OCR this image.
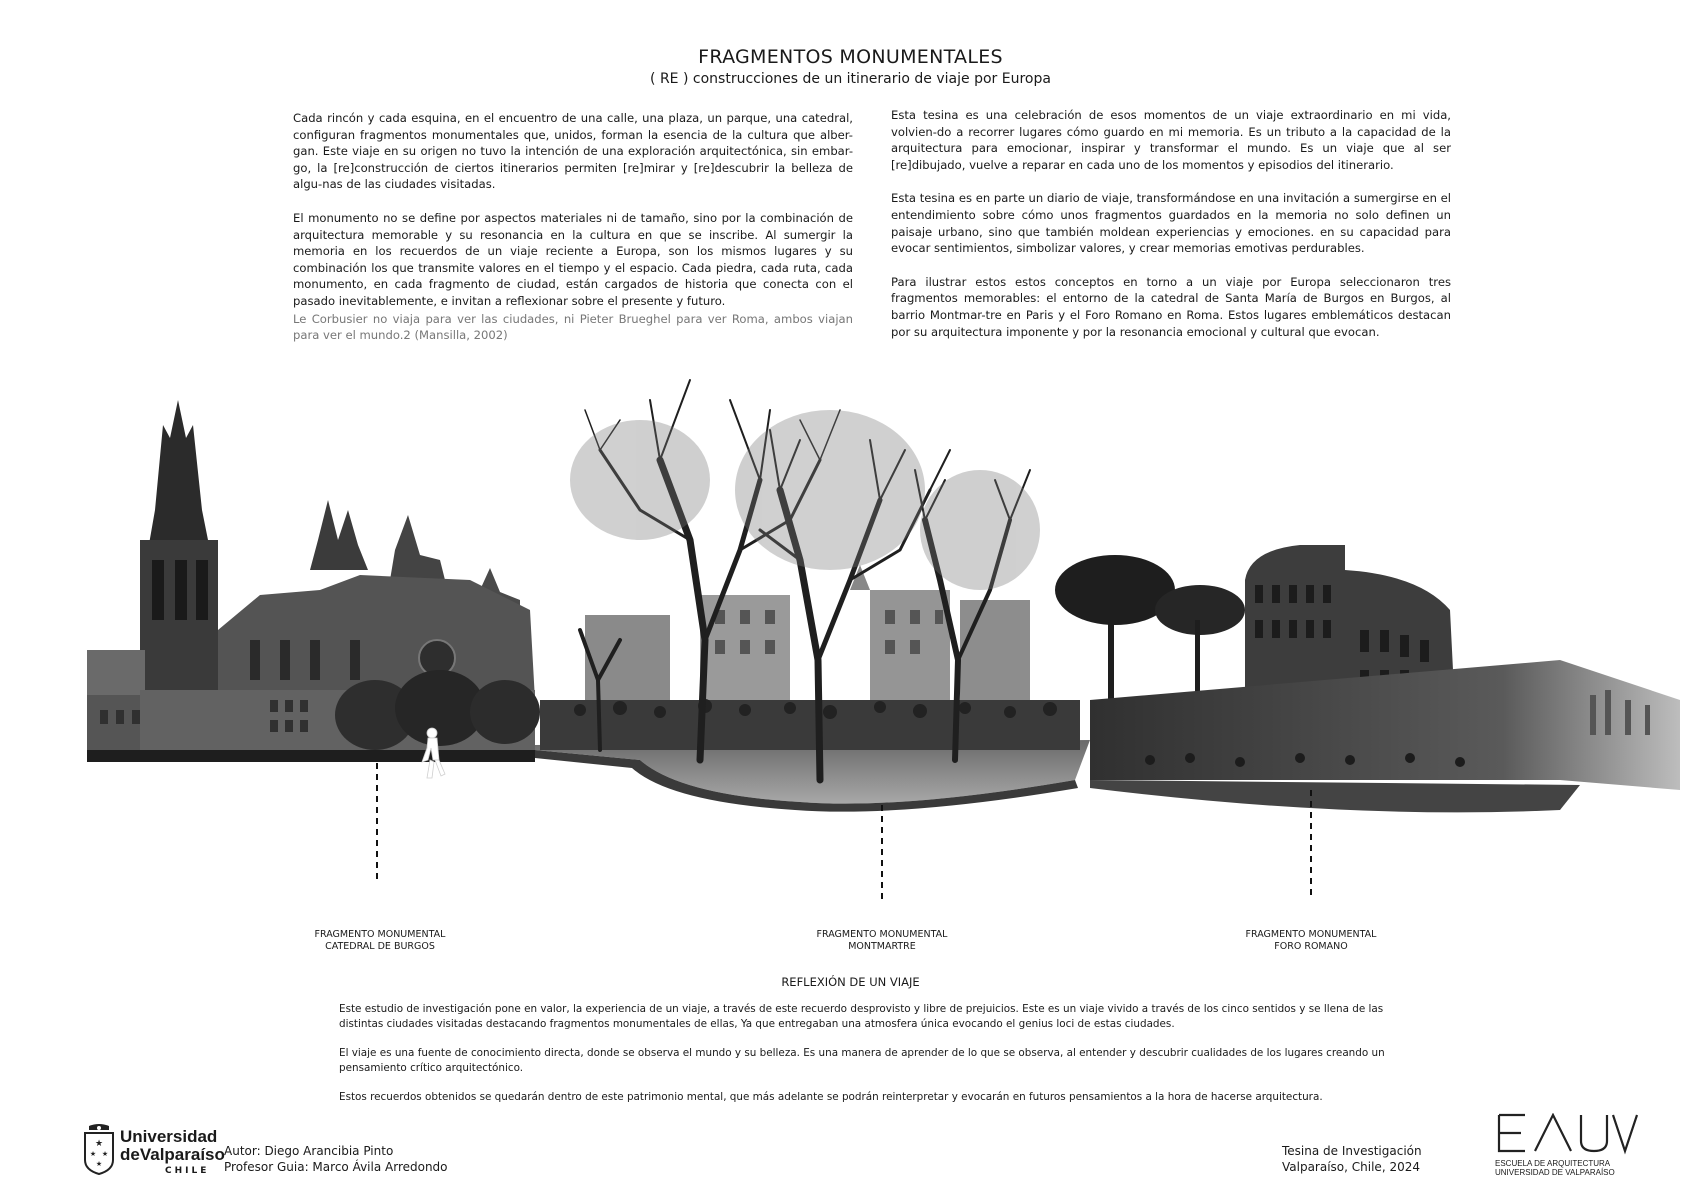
FRAGMENTOS MONUMENTALES
( RE ) construcciones de un itinerario de viaje por Europa

Cada rincón y cada esquina, en el encuentro de una calle, una plaza, un parque, una catedral, configuran fragmentos monumentales que, unidos, forman la esencia de la cultura que alber-gan. Este viaje en su origen no tuvo la intención de una exploración arquitectónica, sin embar-go, la [re]construcción de ciertos itinerarios permiten [re]mirar y [re]descubrir la belleza de algu-nas de las ciudades visitadas.

El monumento no se define por aspectos materiales ni de tamaño, sino por la combinación de arquitectura memorable y su resonancia en la cultura en que se inscribe. Al sumergir la memoria en los recuerdos de un viaje reciente a Europa, son los mismos lugares y su combinación los que transmite valores en el tiempo y el espacio. Cada piedra, cada ruta, cada monumento, en cada fragmento de ciudad, están cargados de historia que conecta con el pasado inevitablemente, e invitan a reflexionar sobre el presente y futuro.

Le Corbusier no viaja para ver las ciudades, ni Pieter Brueghel para ver Roma, ambos viajan para ver el mundo.2 (Mansilla, 2002)

Esta tesina es una celebración de esos momentos de un viaje extraordinario en mi vida, volvien-do a recorrer lugares cómo guardo en mi memoria. Es un tributo a la capacidad de la arquitectura para emocionar, inspirar y transformar el mundo. Es un viaje que al ser [re]dibujado, vuelve a reparar en cada uno de los momentos y episodios del itinerario.

Esta tesina es en parte un diario de viaje, transformándose en una invitación a sumergirse en el entendimiento sobre cómo unos fragmentos guardados en la memoria no solo definen un paisaje urbano, sino que también moldean experiencias y emociones. en su capacidad para evocar sentimientos, simbolizar valores, y crear memorias emotivas perdurables.

Para ilustrar estos estos conceptos en torno a un viaje por Europa seleccionaron tres fragmentos memorables: el entorno de la catedral de Santa María de Burgos en Burgos, al barrio Montmar-tre en Paris y el Foro Romano en Roma. Estos lugares emblemáticos destacan por su arquitectura imponente y por la resonancia emocional y cultural que evocan.

FRAGMENTO MONUMENTAL
CATEDRAL DE BURGOS
FRAGMENTO MONUMENTAL
MONTMARTRE
FRAGMENTO MONUMENTAL
FORO ROMANO
REFLEXIÓN DE UN VIAJE

Este estudio de investigación pone en valor, la experiencia de un viaje, a través de este recuerdo desprovisto y libre de prejuicios. Este es un viaje vivido a través de los cinco sentidos y se llena de las distintas ciudades visitadas destacando fragmentos monumentales de ellas, Ya que entregaban una atmosfera única evocando el genius loci de estas ciudades.

El viaje es una fuente de conocimiento directa, donde se observa el mundo y su belleza. Es una manera de aprender de lo que se observa, al entender y descubrir cualidades de los lugares creando un pensamiento crítico arquitectónico.

Estos recuerdos obtenidos se quedarán dentro de este patrimonio mental, que más adelante se podrán reinterpretar y evocarán en futuros pensamientos a la hora de hacerse arquitectura.

★
★ ★
★
Universidad
deValparaíso
CHILE
Autor: Diego Arancibia Pinto
Profesor Guia: Marco Ávila Arredondo
Tesina de Investigación
Valparaíso, Chile, 2024
EAUV
ESCUELA DE ARQUITECTURA
UNIVERSIDAD DE VALPARAÍSO
